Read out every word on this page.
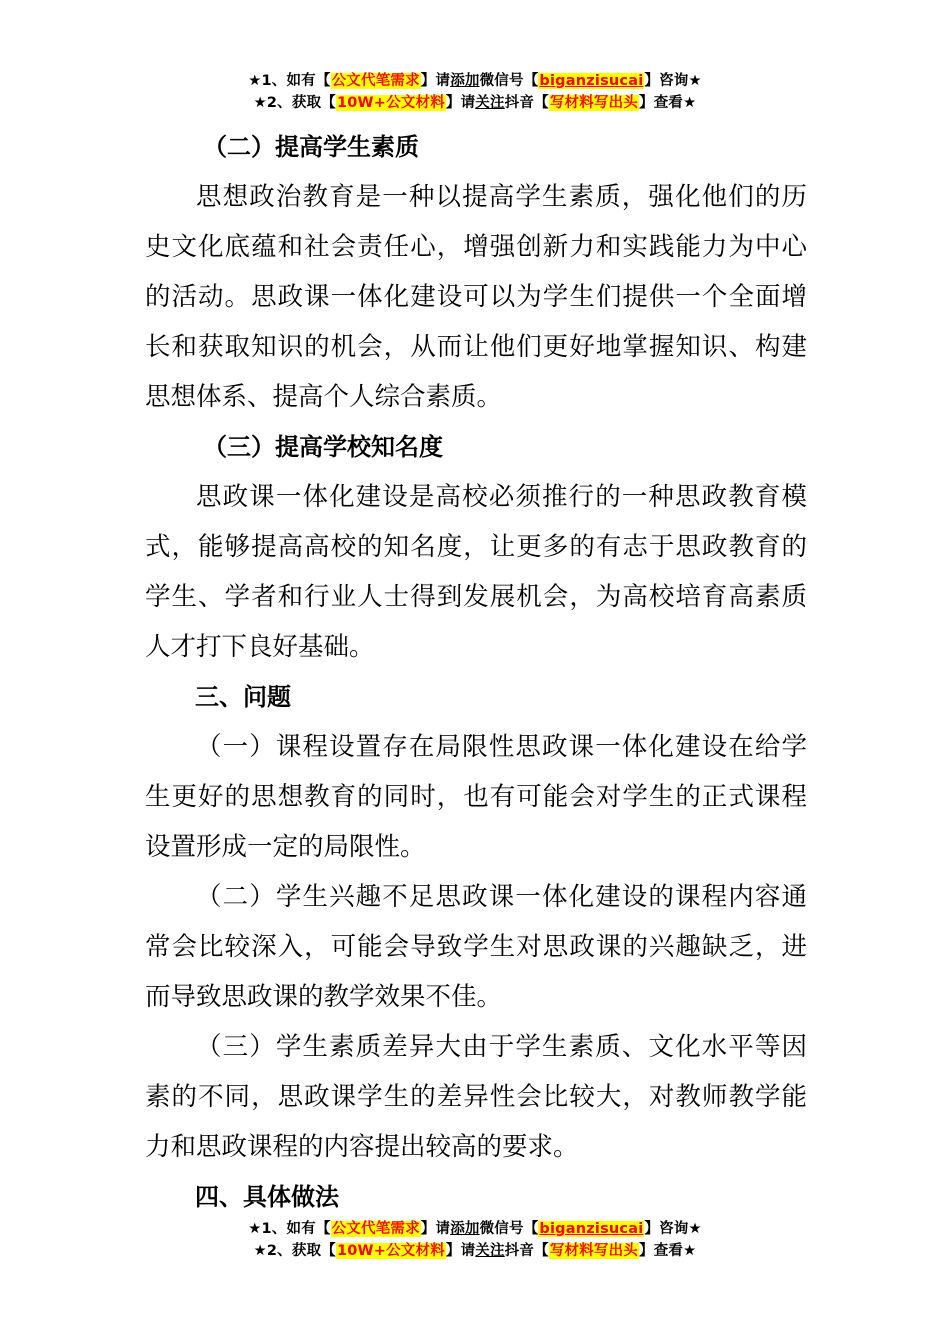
★1、如有【公文代笔需求】请添加微信号【biganzisucai】咨询★
★2、获取【10W+公文材料】请关注抖音【写材料写出头】查看★
（二）提高学生素质

思想政治教育是一种以提高学生素质，强化他们的历史文化底蕴和社会责任心，增强创新力和实践能力为中心的活动。思政课一体化建设可以为学生们提供一个全面增长和获取知识的机会，从而让他们更好地掌握知识、构建思想体系、提高个人综合素质。

（三）提高学校知名度

思政课一体化建设是高校必须推行的一种思政教育模式，能够提高高校的知名度，让更多的有志于思政教育的学生、学者和行业人士得到发展机会，为高校培育高素质人才打下良好基础。

三、问题

（一）课程设置存在局限性思政课一体化建设在给学生更好的思想教育的同时，也有可能会对学生的正式课程设置形成一定的局限性。

（二）学生兴趣不足思政课一体化建设的课程内容通常会比较深入，可能会导致学生对思政课的兴趣缺乏，进而导致思政课的教学效果不佳。

（三）学生素质差异大由于学生素质、文化水平等因素的不同，思政课学生的差异性会比较大，对教师教学能力和思政课程的内容提出较高的要求。

四、具体做法
★1、如有【公文代笔需求】请添加微信号【biganzisucai】咨询★
★2、获取【10W+公文材料】请关注抖音【写材料写出头】查看★
